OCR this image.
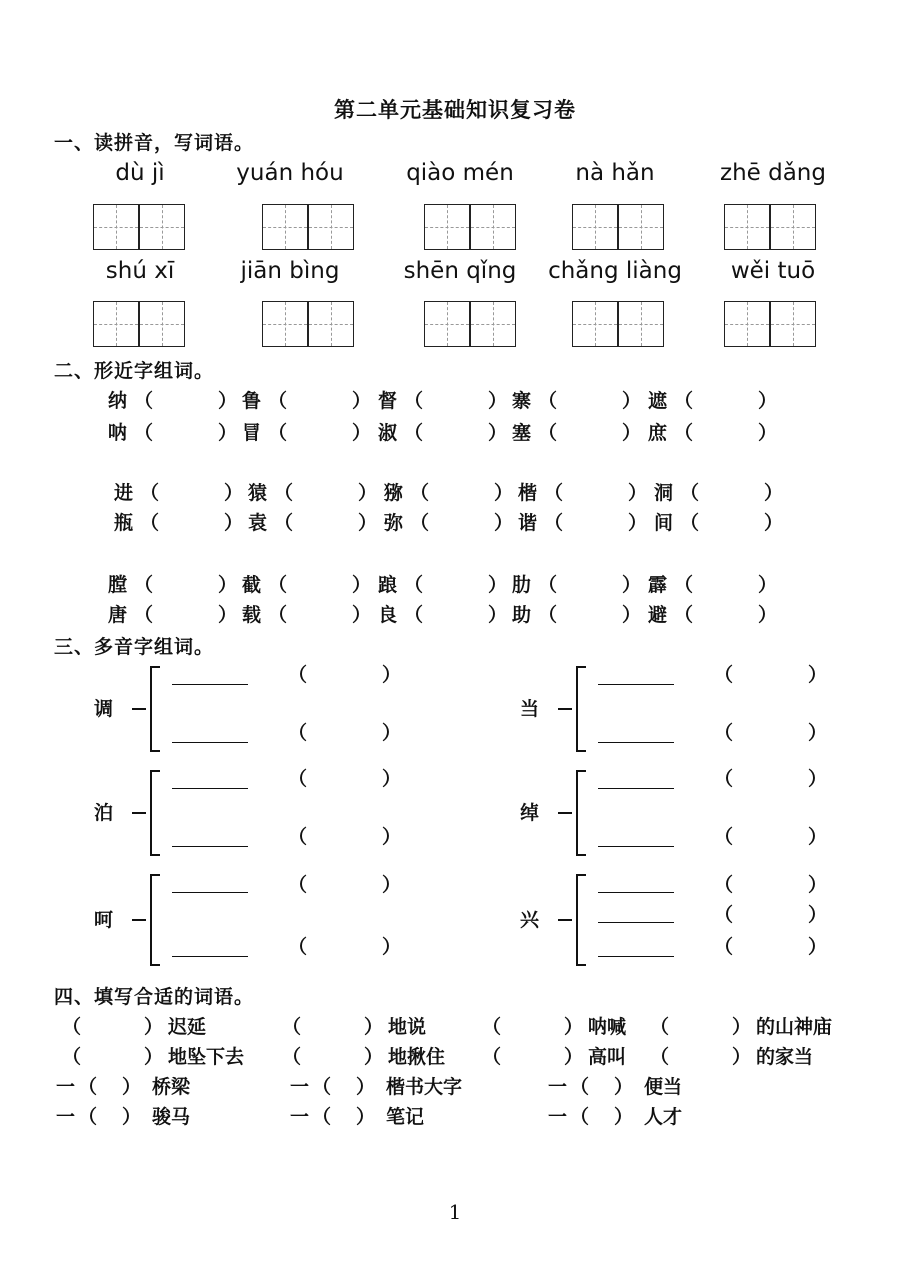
第二单元基础知识复习卷
一、读拼音，写词语。
dù jì	yuán hóu	qiào mén	nà hǎn	zhē dǎng
shú xī	jiān bìng	shēn qǐng	chǎng liàng	wěi tuō
二、形近字组词。
纳 （	） 鲁 （	） 督 （	） 寨 （	） 遮 （	）
呐 （	） 冒 （	） 淑 （	） 塞 （	） 庶 （	）
进 （	） 猿 （	） 猕 （	） 楷 （	） 洞 （	）
瓶 （	） 袁 （	） 弥 （	） 谐 （	） 间 （	）
膛 （	） 截 （	） 踉 （	） 肋 （	） 霹 （	）
唐 （	） 载 （	） 良 （	） 助 （	） 避 （	）
三、多音字组词。
调
（	）
（	）
当
（	）
（	）
泊
（	）
（	）
绰
（	）
（	）
呵
（	）
（	）
兴
（	）
（	）
（	）
四、填写合适的词语。
（	） 迟延	（	） 地说	（	） 呐喊 （	） 的山神庙
（	） 地坠下去 （	） 地揪住 （	） 高叫 （	） 的家当
一 （ ） 桥梁	一 （ ） 楷书大字	一 （ ） 便当
一 （ ） 骏马	一 （ ） 笔记	一 （ ） 人才
1
